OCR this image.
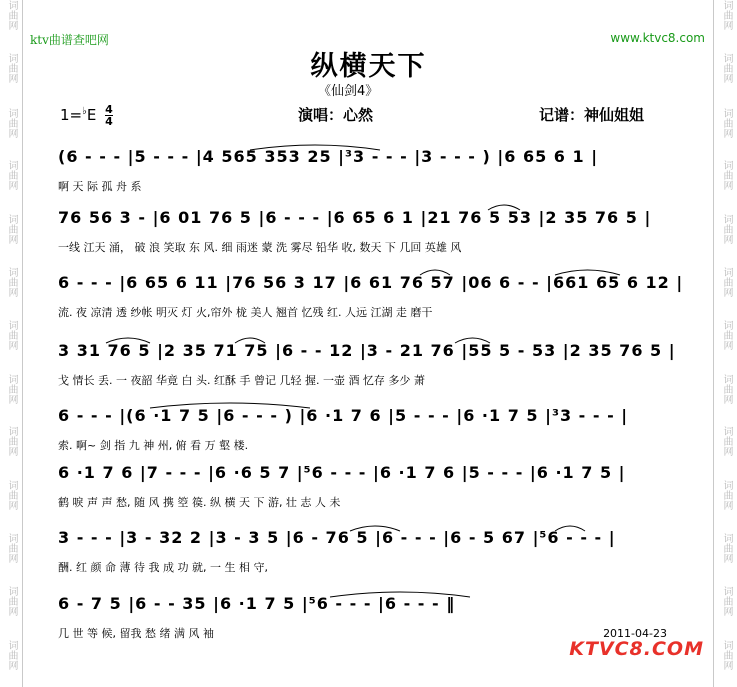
词曲网
词曲网
词曲网
词曲网
词曲网
词曲网
词曲网
词曲网
词曲网
词曲网
词曲网
词曲网
词曲网
词曲网
词曲网
词曲网
词曲网
词曲网
词曲网
词曲网
词曲网
词曲网
词曲网
词曲网
词曲网
词曲网
ktv曲谱查吧网	www.ktvc8.com
纵横天下
《仙剑4》
$1=^♭E \frac{4}{4}$	演唱：心然	记谱：神仙姐姐
(6 - - - |5 - - - |4 565 353 25 |³3 - - - |3 - - - ) |6 65 6 1 |
啊 天 际 孤 舟 系
76 56 3 - |6 01 76 5 |6 - - - |6 65 6 1 |21 76 5 53 |2 35 76 5 |
一线 江天 涌， 破 浪 笑取 东 风. 细 雨迷 蒙 洗 雾尽 铅华 收, 数天 下 几回 英雄 风
6 - - - |6 65 6 11 |76 56 3 17 |6 61 76 57 |06 6 - - |661 65 6 12 |
流. 夜 凉清 透 纱帐 明灭 灯 火,帘外 栊 美人 翘首 忆残 红. 人远 江湖 走 磨干
3 31 76 5 |2 35 71 75 |6 - - 12 |3 - 21 76 |55 5 - 53 |2 35 76 5 |
戈 情长 丢. 一 夜韶 华竟 白 头. 红酥 手 曾记 几轻 握. 一壶 酒 忆存 多少 萧
6 - - - |(6 ·1 7 5 |6 - - - ) |6 ·1 7 6 |5 - - - |6 ·1 7 5 |³3 - - - |
索. 啊~ 剑 指 九 神 州, 俯 看 万 壑 楼.
6 ·1 7 6 |7 - - - |6 ·6 5 7 |⁵6 - - - |6 ·1 7 6 |5 - - - |6 ·1 7 5 |
鹤 唳 声 声 愁, 随 风 携 箜 篌. 纵 横 天 下 游, 壮 志 人 未
3 - - - |3 - 32 2 |3 - 3 5 |6 - 76 5 |6 - - - |6 - 5 67 |⁵6 - - - |
酬. 红 颜 命 薄 待 我 成 功 就, 一 生 相 守,
6 - 7 5 |6 - - 35 |6 ·1 7 5 |⁵6 - - - |6 - - - ‖
几 世 等 候, 留我 愁 绪 满 风 袖	2011-04-23
KTVC8.COM
